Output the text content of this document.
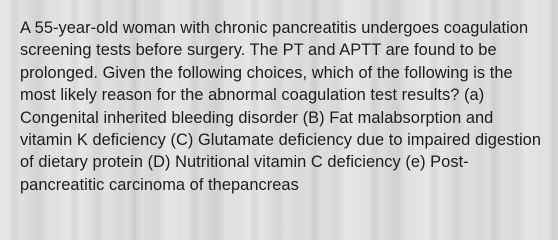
A 55-year-old woman with chronic pancreatitis undergoes coagulation screening tests before surgery. The PT and APTT are found to be prolonged. Given the following choices, which of the following is the most likely reason for the abnormal coagulation test results? (a) Congenital inherited bleeding disorder (B) Fat malabsorption and vitamin K deficiency (C) Glutamate deficiency due to impaired digestion of dietary protein (D) Nutritional vitamin C deficiency (e) Post-pancreatitic carcinoma of thepancreas
